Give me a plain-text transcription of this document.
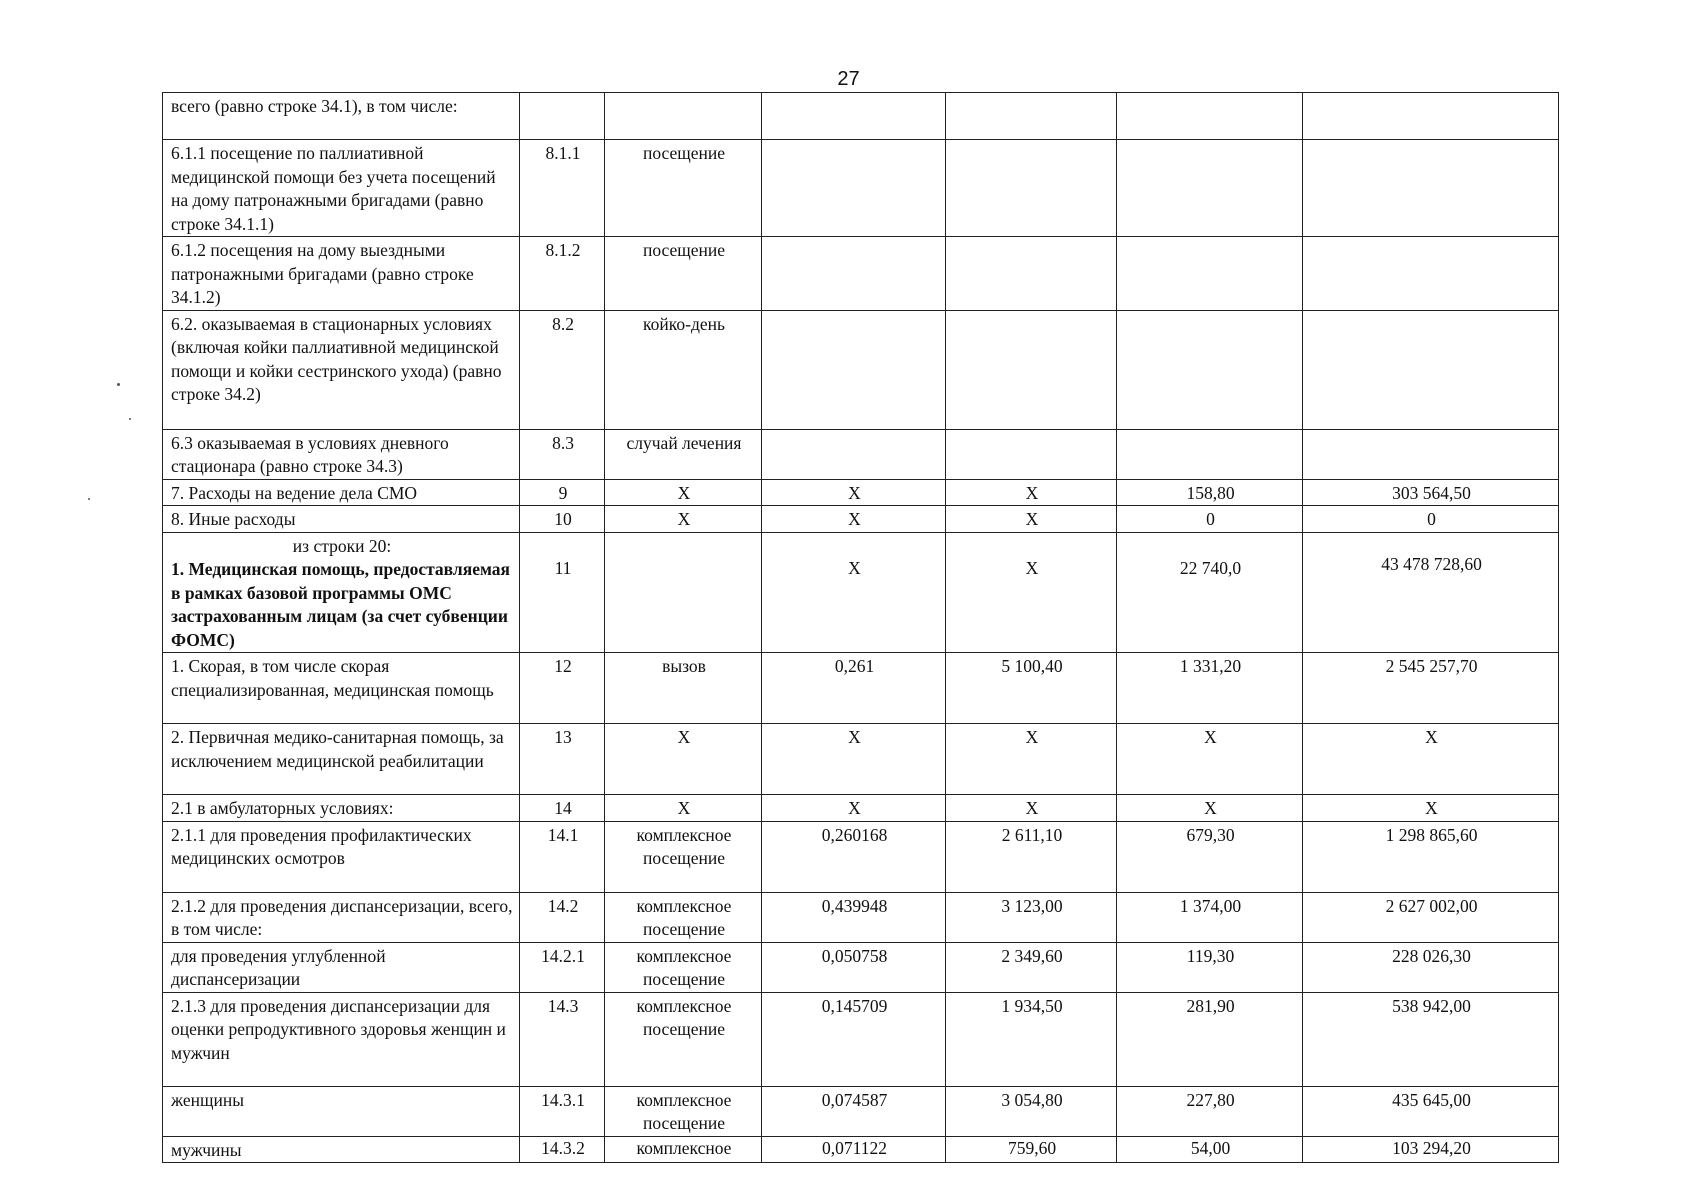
27
всего (равно строке 34.1), в том числе:						
6.1.1 посещение по паллиативной медицинской помощи без учета посещений на дому патронажными бригадами (равно строке 34.1.1)	8.1.1	посещение				
6.1.2 посещения на дому выездными патронажными бригадами (равно строке 34.1.2)	8.1.2	посещение				
6.2. оказываемая в стационарных условиях (включая койки паллиативной медицинской помощи и койки сестринского ухода) (равно строке 34.2)	8.2	койко-день				
6.3 оказываемая в условиях дневного стационара (равно строке 34.3)	8.3	случай лечения				
7. Расходы на ведение дела СМО	9	X	X	X	158,80	303 564,50
8. Иные расходы	10	X	X	X	0	0

из строки 20:
1. Медицинская помощь, предоставляемая в рамках базовой программы ОМС застрахованным лицам (за счет субвенции ФОМС)	11		X	X	22 740,0	43 478 728,60
1. Скорая, в том числе скорая специализированная, медицинская помощь	12	вызов	0,261	5 100,40	1 331,20	2 545 257,70
2. Первичная медико-санитарная помощь, за исключением медицинской реабилитации	13	X	X	X	X	X
2.1 в амбулаторных условиях:	14	X	X	X	X	X
2.1.1 для проведения профилактических медицинских осмотров	14.1	комплексное посещение	0,260168	2 611,10	679,30	1 298 865,60
2.1.2 для проведения диспансеризации, всего, в том числе:	14.2	комплексное посещение	0,439948	3 123,00	1 374,00	2 627 002,00
для проведения углубленной диспансеризации	14.2.1	комплексное посещение	0,050758	2 349,60	119,30	228 026,30
2.1.3 для проведения диспансеризации для оценки репродуктивного здоровья женщин и мужчин	14.3	комплексное посещение	0,145709	1 934,50	281,90	538 942,00
женщины	14.3.1	комплексное посещение	0,074587	3 054,80	227,80	435 645,00
мужчины	14.3.2	комплексное	0,071122	759,60	54,00	103 294,20
